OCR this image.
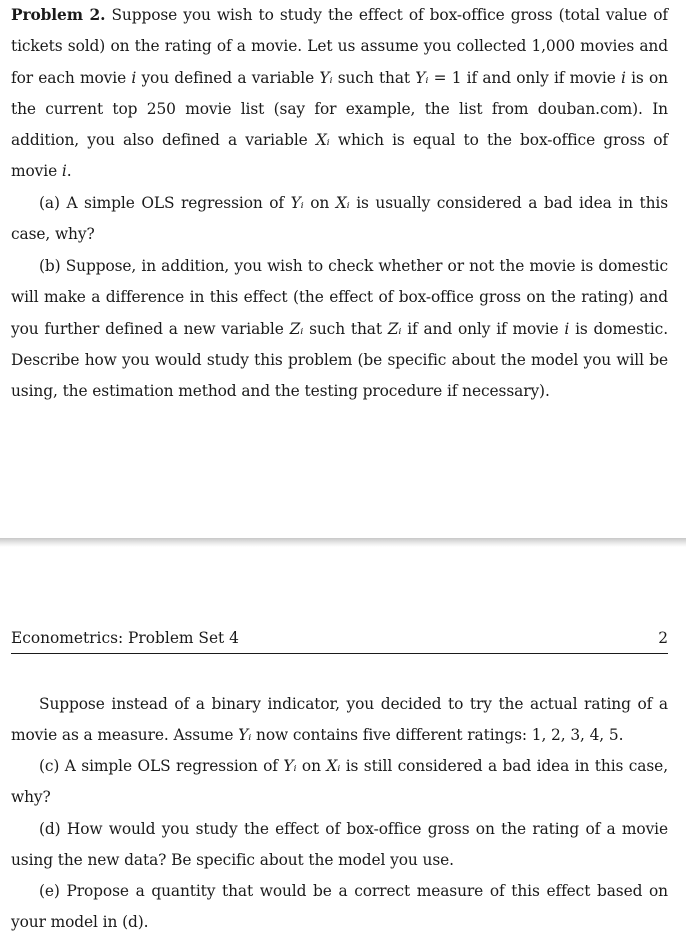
Problem 2. Suppose you wish to study the effect of box-office gross (total value of tickets sold) on the rating of a movie. Let us assume you collected 1,000 movies and for each movie i you defined a variable Yᵢ such that Yᵢ = 1 if and only if movie i is on the current top 250 movie list (say for example, the list from douban.com). In addition, you also defined a variable Xᵢ which is equal to the box-office gross of movie i.

(a) A simple OLS regression of Yᵢ on Xᵢ is usually considered a bad idea in this case, why?

(b) Suppose, in addition, you wish to check whether or not the movie is domestic will make a difference in this effect (the effect of box-office gross on the rating) and you further defined a new variable Zᵢ such that Zᵢ if and only if movie i is domestic. Describe how you would study this problem (be specific about the model you will be using, the estimation method and the testing procedure if necessary).

Econometrics: Problem Set 4	2

Suppose instead of a binary indicator, you decided to try the actual rating of a movie as a measure. Assume Yᵢ now contains five different ratings: 1, 2, 3, 4, 5.

(c) A simple OLS regression of Yᵢ on Xᵢ is still considered a bad idea in this case, why?

(d) How would you study the effect of box-office gross on the rating of a movie using the new data? Be specific about the model you use.

(e) Propose a quantity that would be a correct measure of this effect based on your model in (d).
